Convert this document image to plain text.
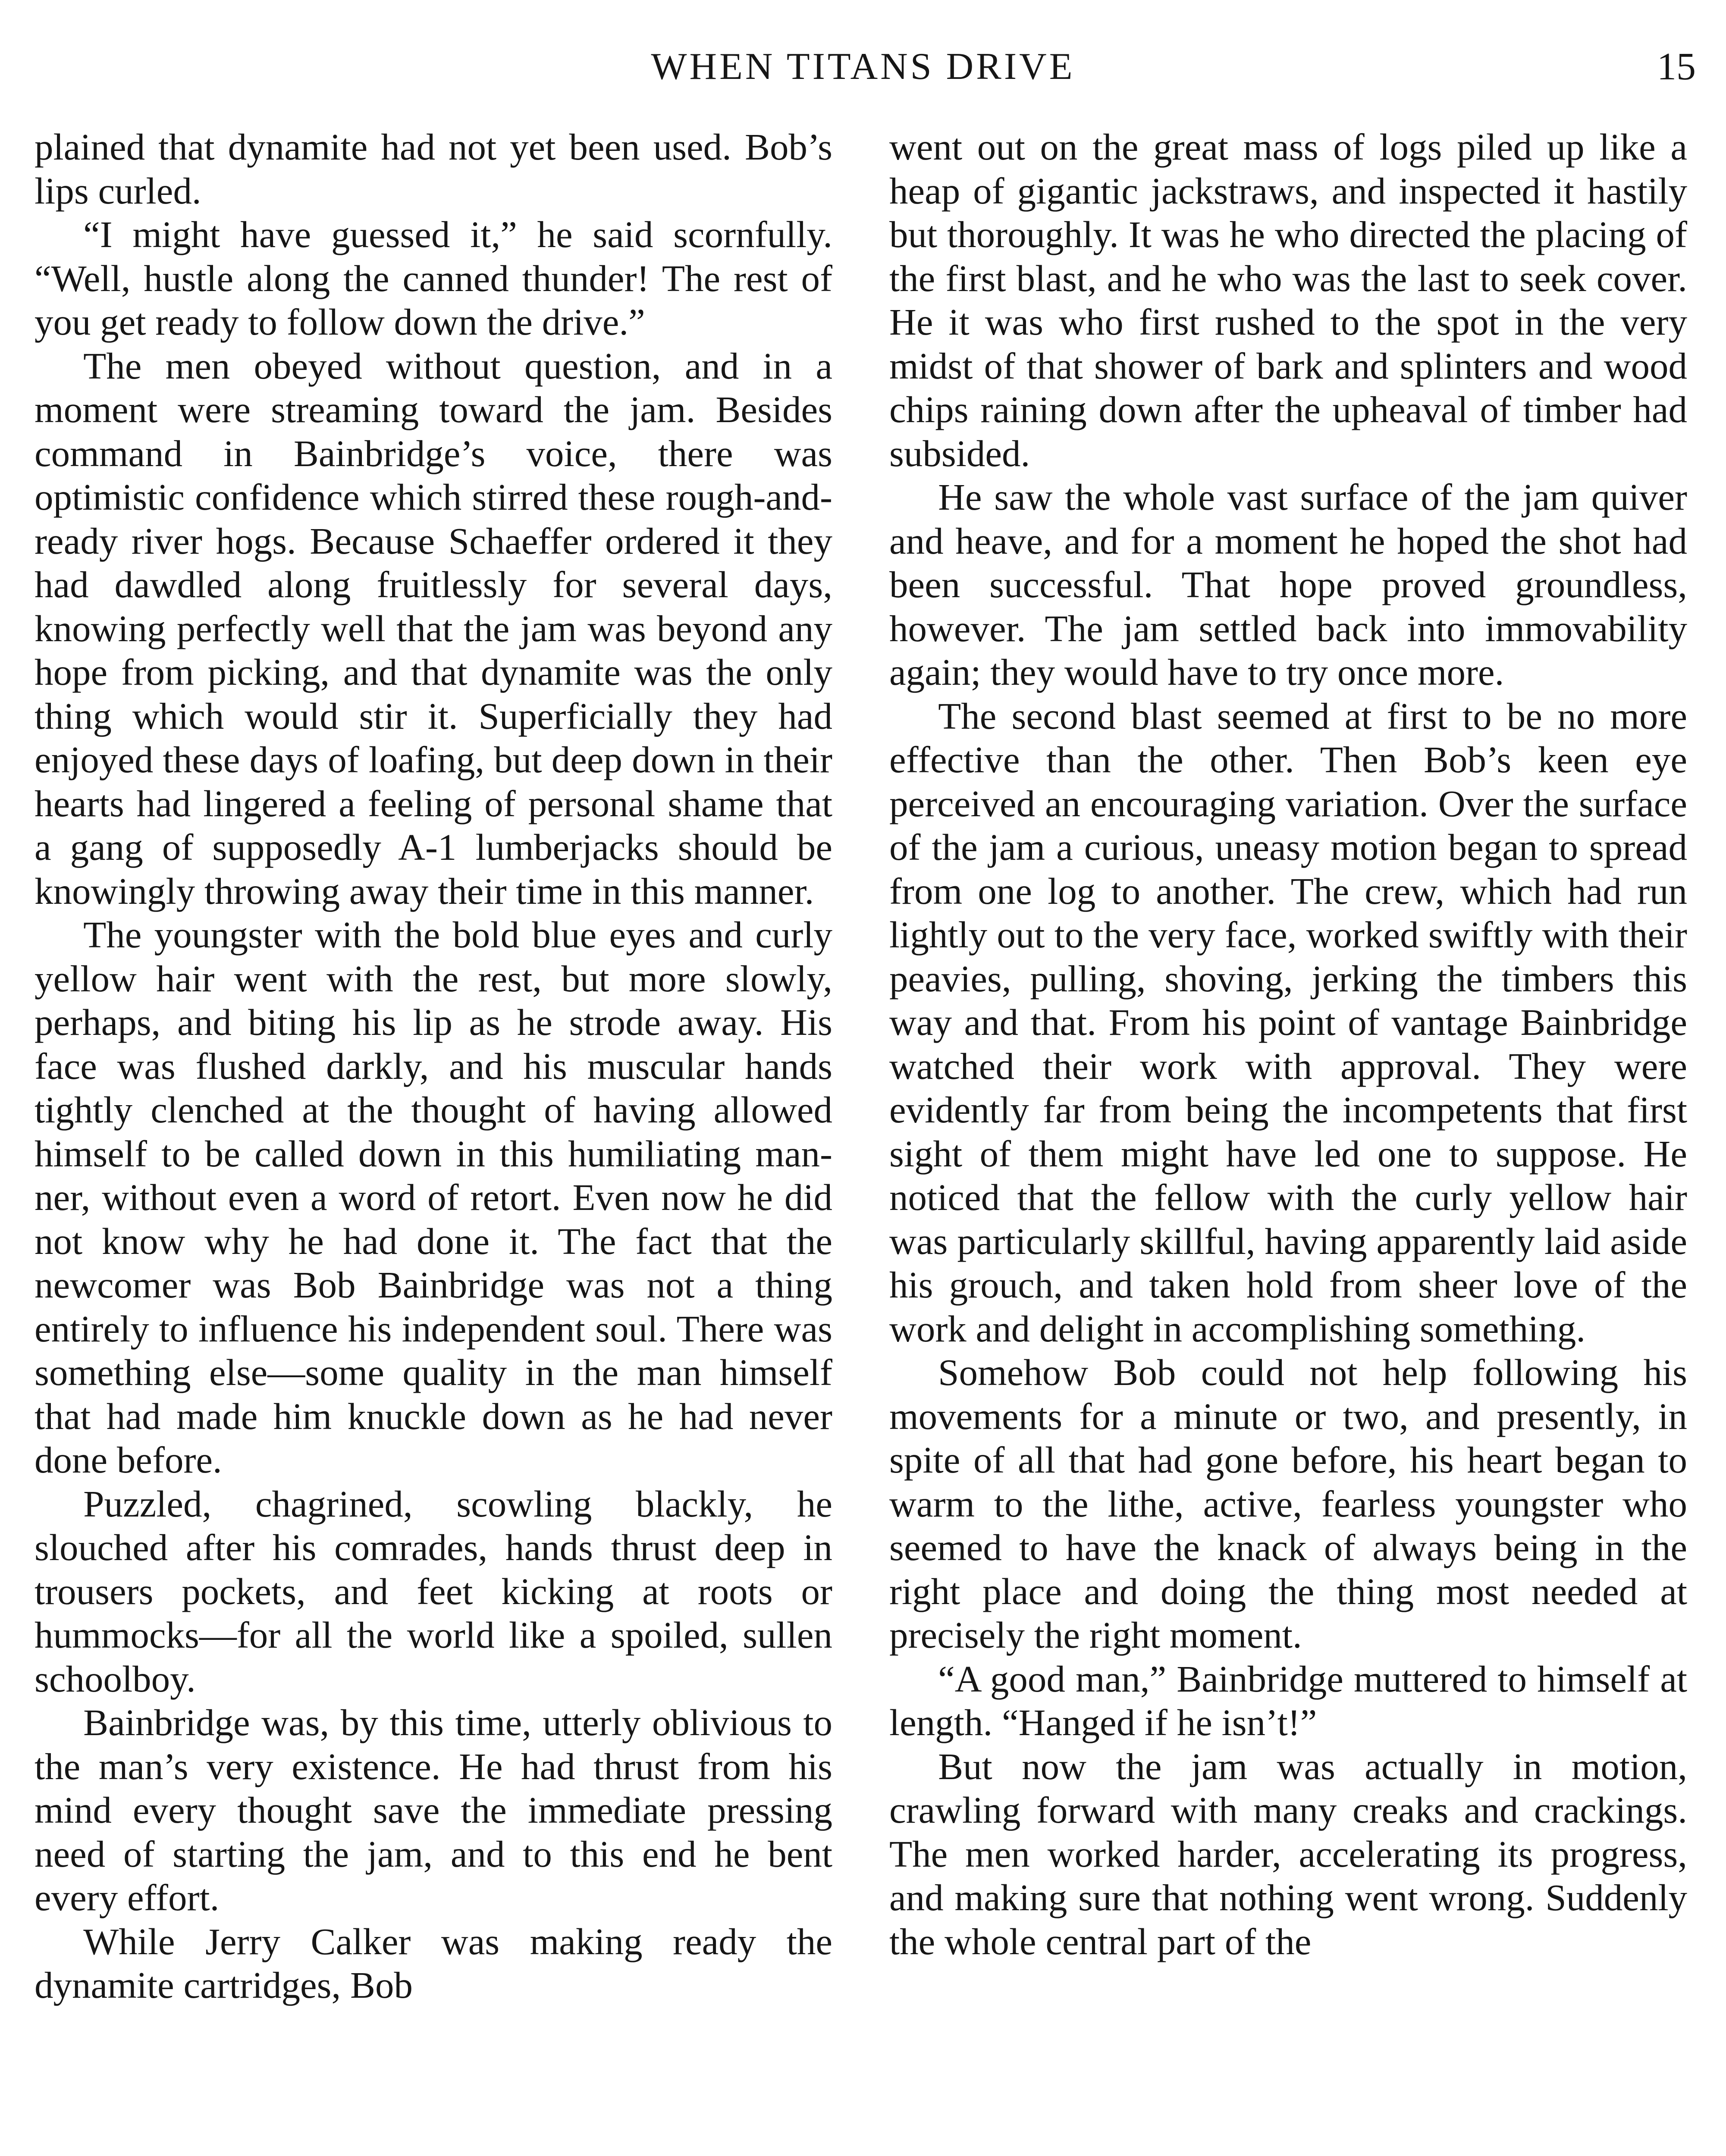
WHEN TITANS DRIVE	15

plained that dynamite had not yet been used. Bob’s lips curled.

“I might have guessed it,” he said scornfully. “Well, hustle along the canned thunder! The rest of you get ready to follow down the drive.”

The men obeyed without question, and in a moment were streaming toward the jam. Besides command in Bainbridge’s voice, there was optimistic confidence which stirred these rough-and-ready river hogs. Because Schaeffer ordered it they had dawdled along fruitlessly for several days, knowing perfectly well that the jam was beyond any hope from picking, and that dynamite was the only thing which would stir it. Superficially they had enjoyed these days of loafing, but deep down in their hearts had lingered a feeling of personal shame that a gang of supposedly A-1 lumberjacks should be knowingly throwing away their time in this manner.

The youngster with the bold blue eyes and curly yellow hair went with the rest, but more slowly, perhaps, and biting his lip as he strode away. His face was flushed darkly, and his muscular hands tightly clenched at the thought of having allowed himself to be called down in this humiliating manner, without even a word of retort. Even now he did not know why he had done it. The fact that the newcomer was Bob Bainbridge was not a thing entirely to influence his independent soul. There was something else—some quality in the man himself that had made him knuckle down as he had never done before.

Puzzled, chagrined, scowling blackly, he slouched after his comrades, hands thrust deep in trousers pockets, and feet kicking at roots or hummocks—for all the world like a spoiled, sullen schoolboy.

Bainbridge was, by this time, utterly oblivious to the man’s very existence. He had thrust from his mind every thought save the immediate pressing need of starting the jam, and to this end he bent every effort.

While Jerry Calker was making ready the dynamite cartridges, Bob

went out on the great mass of logs piled up like a heap of gigantic jackstraws, and inspected it hastily but thoroughly. It was he who directed the placing of the first blast, and he who was the last to seek cover. He it was who first rushed to the spot in the very midst of that shower of bark and splinters and wood chips raining down after the upheaval of timber had subsided.

He saw the whole vast surface of the jam quiver and heave, and for a moment he hoped the shot had been successful. That hope proved groundless, however. The jam settled back into immovability again; they would have to try once more.

The second blast seemed at first to be no more effective than the other. Then Bob’s keen eye perceived an encouraging variation. Over the surface of the jam a curious, uneasy motion began to spread from one log to another. The crew, which had run lightly out to the very face, worked swiftly with their peavies, pulling, shoving, jerking the timbers this way and that. From his point of vantage Bainbridge watched their work with approval. They were evidently far from being the incompetents that first sight of them might have led one to suppose. He noticed that the fellow with the curly yellow hair was particularly skillful, having apparently laid aside his grouch, and taken hold from sheer love of the work and delight in accomplishing something.

Somehow Bob could not help following his movements for a minute or two, and presently, in spite of all that had gone before, his heart began to warm to the lithe, active, fearless youngster who seemed to have the knack of always being in the right place and doing the thing most needed at precisely the right moment.

“A good man,” Bainbridge muttered to himself at length. “Hanged if he isn’t!”

But now the jam was actually in motion, crawling forward with many creaks and crackings. The men worked harder, accelerating its progress, and making sure that nothing went wrong. Suddenly the whole central part of the
